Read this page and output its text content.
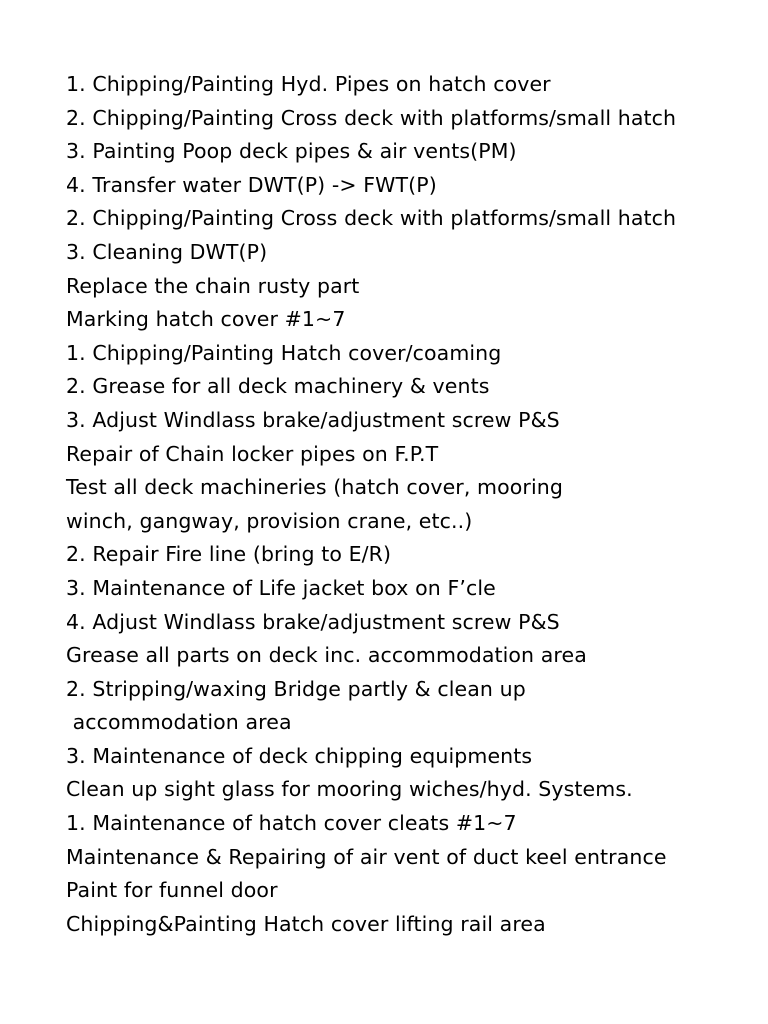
1. Chipping/Painting Hyd. Pipes on hatch cover
2. Chipping/Painting Cross deck with platforms/small hatch
3. Painting Poop deck pipes & air vents(PM)
4. Transfer water DWT(P) -> FWT(P)
2. Chipping/Painting Cross deck with platforms/small hatch
3. Cleaning DWT(P)
Replace the chain rusty part
Marking hatch cover #1~7
1. Chipping/Painting Hatch cover/coaming
2. Grease for all deck machinery & vents
3. Adjust Windlass brake/adjustment screw P&S
Repair of Chain locker pipes on F.P.T
Test all deck machineries (hatch cover, mooring
winch, gangway, provision crane, etc..)
2. Repair Fire line (bring to E/R)
3. Maintenance of Life jacket box on F’cle
4. Adjust Windlass brake/adjustment screw P&S
Grease all parts on deck inc. accommodation area
2. Stripping/waxing Bridge partly & clean up
accommodation area
3. Maintenance of deck chipping equipments
Clean up sight glass for mooring wiches/hyd. Systems.
1. Maintenance of hatch cover cleats #1~7
Maintenance & Repairing of air vent of duct keel entrance
Paint for funnel door
Chipping&Painting Hatch cover lifting rail area
